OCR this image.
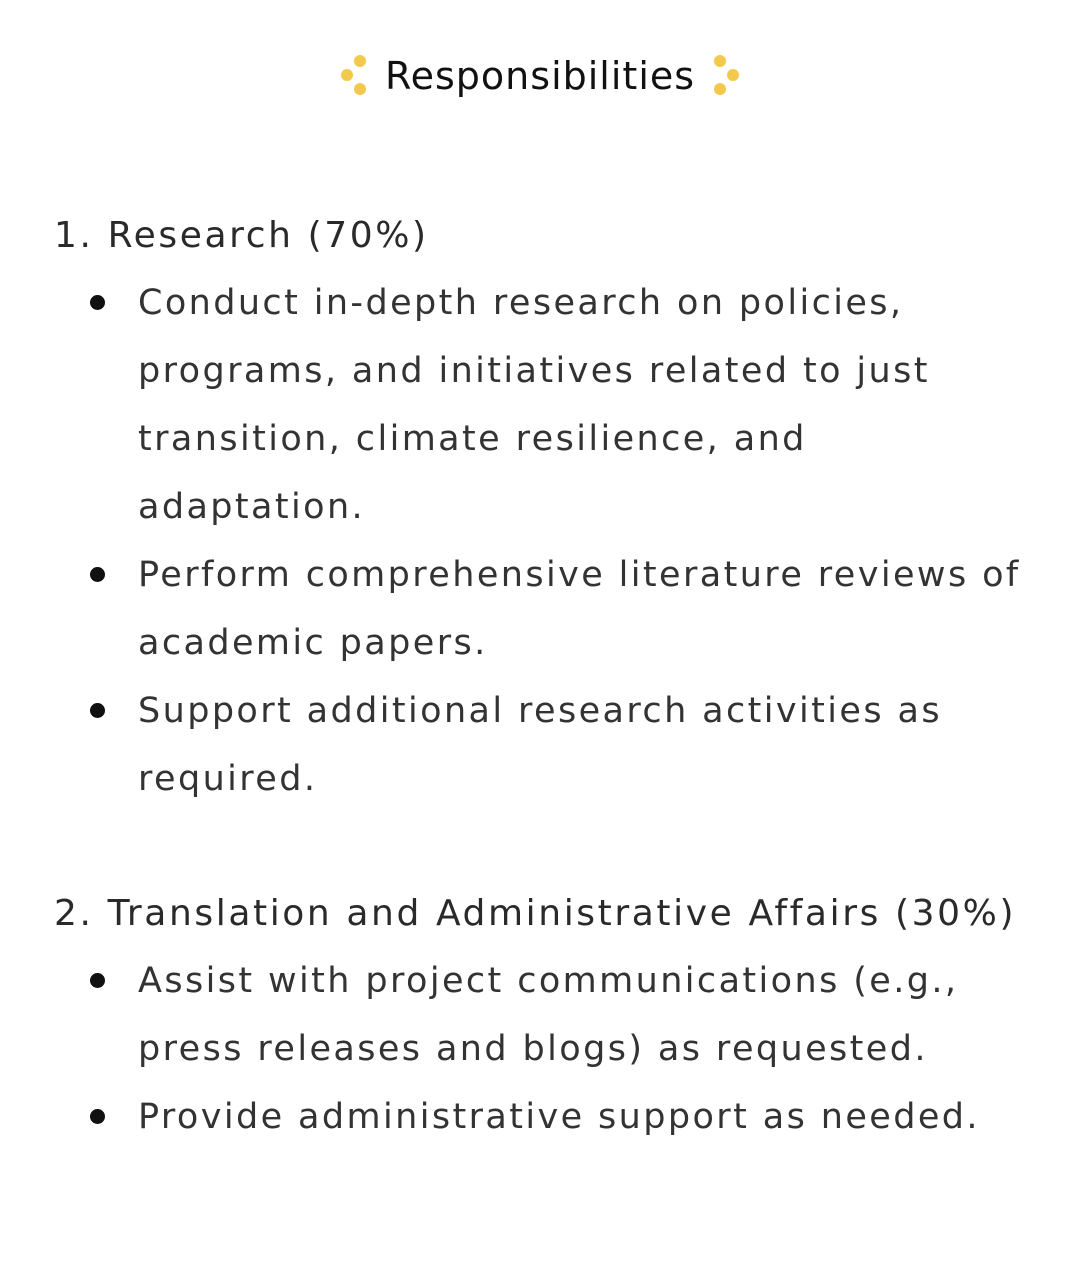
Responsibilities
1. Research (70%)
Conduct in-depth research on policies, programs, and initiatives related to just transition, climate resilience, and adaptation.
Perform comprehensive literature reviews of academic papers.
Support additional research activities as required.
2. Translation and Administrative Affairs (30%)
Assist with project communications (e.g., press releases and blogs) as requested.
Provide administrative support as needed.
